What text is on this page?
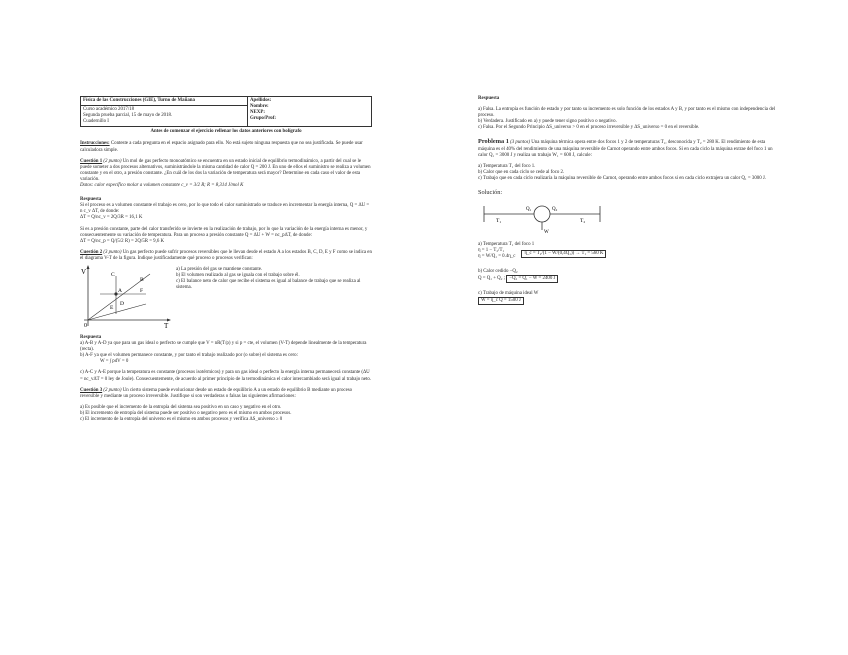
Física de las Construcciones (GIE), Turno de Mañana
Curso académico 2017/18
Segunda prueba parcial, 15 de mayo de 2018.
Cuadernillo I
Apellidos:
Nombre:
NEXP:
Grupo/Prof:

Antes de comenzar el ejercicio rellenar los datos anteriores con bolígrafo

Instrucciones: Conteste a cada pregunta en el espacio asignado para ello. No está sujeto ninguna respuesta que no sea justificada. Se puede usar calculadora simple.

Cuestión 1 (2 punto) Un mol de gas perfecto monoatómico se encuentra en un estado inicial de equilibrio termodinámico, a partir del cual se le puede someter a dos procesos alternativos, suministrándole la misma cantidad de calor Q = 200 J. En uno de ellos el suministro se realiza a volumen constante y en el otro, a presión constante. ¿En cuál de los dos la variación de temperatura será mayor? Determine en cada caso el valor de esta variación.

Datos: calor específico molar a volumen constante c_v = 3/2 R; R = 8,314 J/mol K

Respuesta

Si el proceso es a volumen constante el trabajo es cero, por lo que todo el calor suministrado se traduce en incrementar la energía interna, Q = ΔU = n c_v ΔT, de donde:

ΔT = Q/nc_v = 2Q/3R = 16,1 K

Si es a presión constante, parte del calor transferido se invierte en la realización de trabajo, por lo que la variación de la energía interna es menor, y consecuentemente su variación de temperatura. Para un proceso a presión constante Q = ΔU + W = nc_pΔT, de donde:

ΔT = Q/nc_p = Q/(5/2 R) = 2Q/5R = 9,6 K

Cuestión 2 (3 punto) Un gas perfecto puede sufrir procesos reversibles que le llevan desde el estado A a los estados B, C, D, E y F como se indica en el diagrama V-T de la figura. Indique justificadamente qué proceso o procesos verifican:

V
T
0
A
B
C
D
E
F

a) La presión del gas se mantiene constante.

b) El volumen realizado al gas se iguala con el trabajo sobre él.

c) El balance neto de calor que recibe el sistema es igual al balance de trabajo que se realiza al sistema.

Respuesta

a) A-B y A-D ya que para un gas ideal o perfecto se cumple que V = nR(T/p) y si p = cte, el volumen (V-T) depende linealmente de la temperatura (recta).

b) A-F ya que el volumen permanece constante, y por tanto el trabajo realizado por (o sobre) el sistema es cero:

W = ∫ pdV = 0

c) A-C y A-E porque la temperatura es constante (procesos isotérmicos) y para un gas ideal o perfecto la energía interna permanecerá constante (ΔU = nc_vΔT = 0 ley de Joule). Consecuentemente, de acuerdo al primer principio de la termodinámica el calor intercambiado será igual al trabajo neto.

Cuestión 3 (2 punto) Un cierto sistema puede evolucionar desde un estado de equilibrio A a un estado de equilibrio B mediante un proceso reversible y mediante un proceso irreversible. Justifique si son verdaderas o falsas las siguientes afirmaciones:

a) Es posible que el incremento de la entropía del sistema sea positivo en un caso y negativo en el otro.

b) El incremento de entropía del sistema puede ser positivo o negativo pero es el mismo en ambos procesos.

c) El incremento de la entropía del universo es el mismo en ambos procesos y verifica ΔS_universo ≥ 0

Respuesta

a) Falsa. La entropía es función de estado y por tanto su incremento es solo función de los estados A y B, y por tanto es el mismo con independencia del proceso.

b) Verdadera. Justificado en a) y puede tener signo positivo o negativo.

c) Falsa. Por el Segundo Principio ΔS_universo > 0 en el proceso irreversible y ΔS_universo = 0 en el reversible.

Problema 1 (3 puntos) Una máquina térmica opera entre dos focos 1 y 2 de temperaturas T₁, desconocida y T₂ = 280 K. El rendimiento de esta máquina es el 40% del rendimiento de una máquina reversible de Carnot operando entre ambos focos. Si en cada ciclo la máquina extrae del foco 1 un calor Q₁ = 3000 J y realiza un trabajo W₁ = 600 J, calcule:

a) Temperatura T₁ del foco 1.

b) Calor que en cada ciclo se cede al foco 2.

c) Trabajo que en cada ciclo realizaría la máquina reversible de Carnot, operando entre ambos focos si en cada ciclo extrajera un calor Q₁ = 3000 J.

Solución:

T₁	T₂
Q₁	Q₂
W

a) Temperatura T₁ del foco 1

η = 1 − T₂/T₁

η = W/Q₁ = 0.4η_c

η_c = T₂/(1 − W/(0,4Q₁)) → T₁ = 560 K

b) Calor cedido −Q₂

Q = Q₁ + Q₂ ; −Q₂ = Q₁ − W = 2400 J

c) Trabajo de máquina ideal W

W = η_c Q = 1500 J
